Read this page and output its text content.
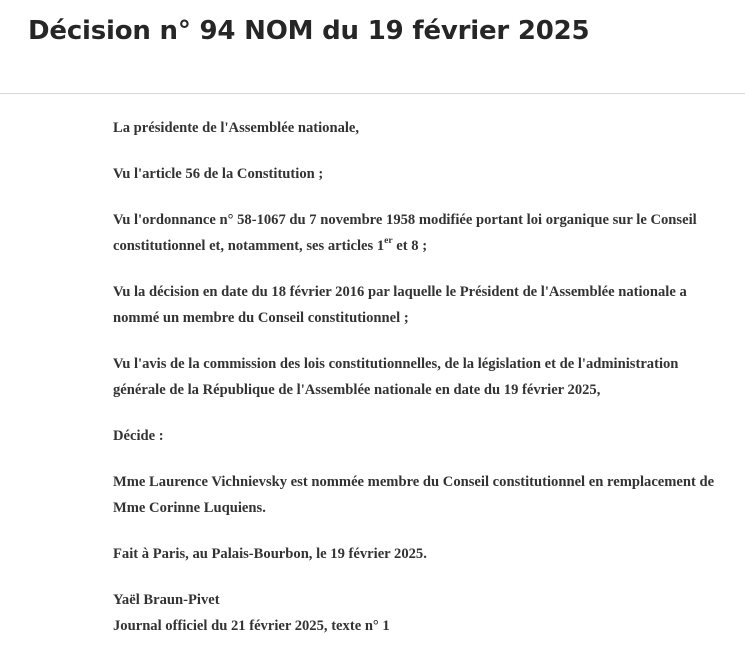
Décision n° 94 NOM du 19 février 2025

La présidente de l'Assemblée nationale,

Vu l'article 56 de la Constitution ;

Vu l'ordonnance n° 58-1067 du 7 novembre 1958 modifiée portant loi organique sur le Conseil constitutionnel et, notamment, ses articles 1er et 8 ;

Vu la décision en date du 18 février 2016 par laquelle le Président de l'Assemblée nationale a nommé un membre du Conseil constitutionnel ;

Vu l'avis de la commission des lois constitutionnelles, de la législation et de l'administration générale de la République de l'Assemblée nationale en date du 19 février 2025,

Décide :

Mme Laurence Vichnievsky est nommée membre du Conseil constitutionnel en remplacement de Mme Corinne Luquiens.

Fait à Paris, au Palais-Bourbon, le 19 février 2025.

Yaël Braun-Pivet

Journal officiel du 21 février 2025, texte n° 1
